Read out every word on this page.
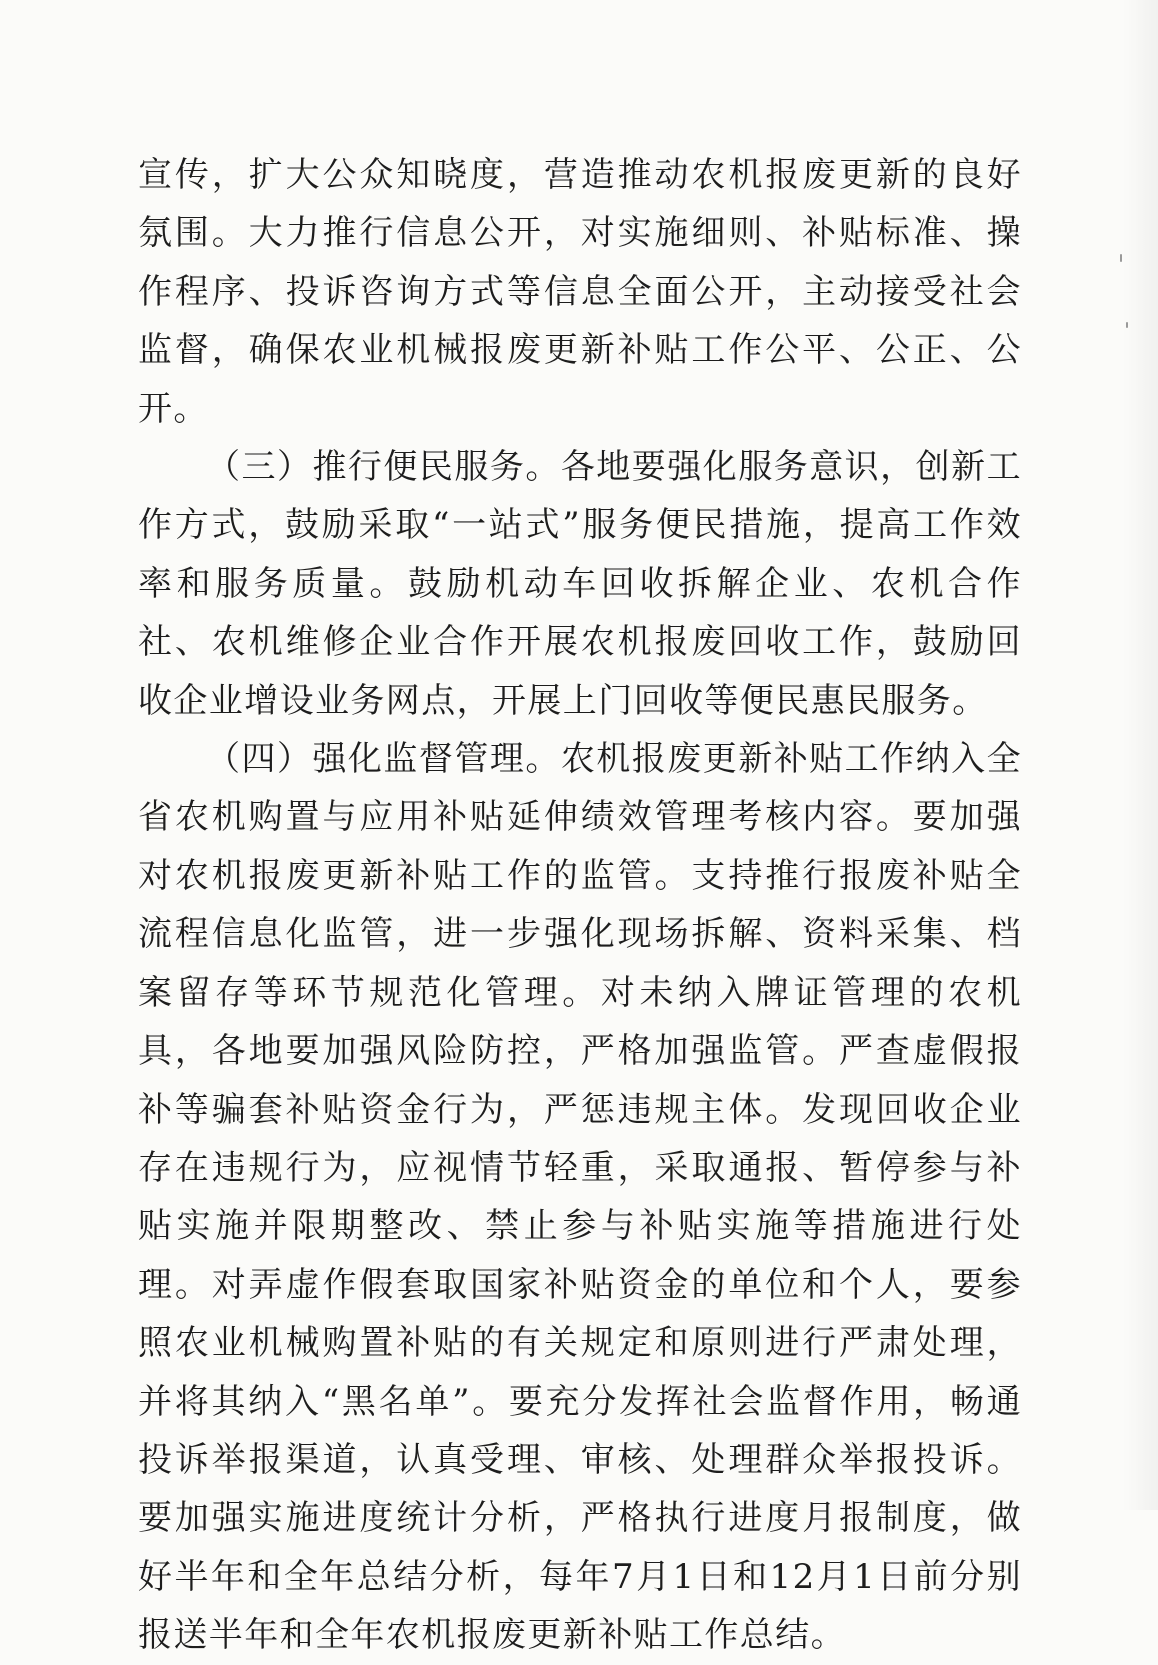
宣传，扩大公众知晓度，营造推动农机报废更新的良好氛围。大力推行信息公开，对实施细则、补贴标准、操作程序、投诉咨询方式等信息全面公开，主动接受社会监督，确保农业机械报废更新补贴工作公平、公正、公开。

（三）推行便民服务。各地要强化服务意识，创新工作方式，鼓励采取“一站式”服务便民措施，提高工作效率和服务质量。鼓励机动车回收拆解企业、农机合作社、农机维修企业合作开展农机报废回收工作，鼓励回收企业增设业务网点，开展上门回收等便民惠民服务。

（四）强化监督管理。农机报废更新补贴工作纳入全省农机购置与应用补贴延伸绩效管理考核内容。要加强对农机报废更新补贴工作的监管。支持推行报废补贴全流程信息化监管，进一步强化现场拆解、资料采集、档案留存等环节规范化管理。对未纳入牌证管理的农机具，各地要加强风险防控，严格加强监管。严查虚假报补等骗套补贴资金行为，严惩违规主体。发现回收企业存在违规行为，应视情节轻重，采取通报、暂停参与补贴实施并限期整改、禁止参与补贴实施等措施进行处理。对弄虚作假套取国家补贴资金的单位和个人，要参照农业机械购置补贴的有关规定和原则进行严肃处理，并将其纳入“黑名单”。要充分发挥社会监督作用，畅通投诉举报渠道，认真受理、审核、处理群众举报投诉。要加强实施进度统计分析，严格执行进度月报制度，做好半年和全年总结分析，每年7月1日和12月1日前分别报送半年和全年农机报废更新补贴工作总结。
